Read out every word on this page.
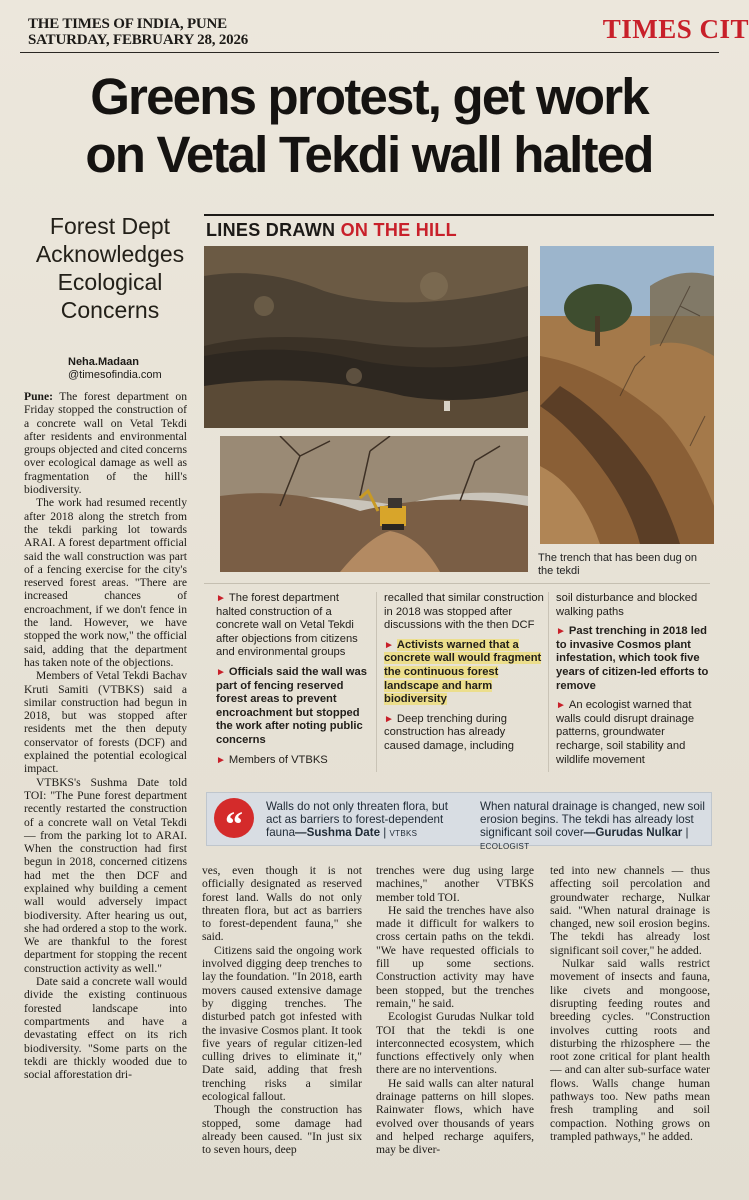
THE TIMES OF INDIA, PUNE
SATURDAY, FEBRUARY 28, 2026	TIMES CIT
Greens protest, get work
on Vetal Tekdi wall halted
Forest Dept
Acknowledges
Ecological
Concerns
Neha.Madaan
@timesofindia.com

Pune: The forest department on Friday stopped the construction of a concrete wall on Vetal Tekdi after residents and environmental groups objected and cited concerns over ecological damage as well as fragmentation of the hill's biodiversity.

The work had resumed recently after 2018 along the stretch from the tekdi parking lot towards ARAI. A forest department official said the wall construction was part of a fencing exercise for the city's reserved forest areas. "There are increased chances of encroachment, if we don't fence in the land. However, we have stopped the work now," the official said, adding that the department has taken note of the objections.

Members of Vetal Tekdi Bachav Kruti Samiti (VTBKS) said a similar construction had begun in 2018, but was stopped after residents met the then deputy conservator of forests (DCF) and explained the potential ecological impact.

VTBKS's Sushma Date told TOI: "The Pune forest department recently restarted the construction of a concrete wall on Vetal Tekdi — from the parking lot to ARAI. When the construction had first begun in 2018, concerned citizens had met the then DCF and explained why building a cement wall would adversely impact biodiversity. After hearing us out, she had ordered a stop to the work. We are thankful to the forest department for stopping the recent construction activity as well."

Date said a concrete wall would divide the existing continuous forested landscape into compartments and have a devastating effect on its rich biodiversity. "Some parts on the tekdi are thickly wooded due to social afforestation dri-

ves, even though it is not officially designated as reserved forest land. Walls do not only threaten flora, but act as barriers to forest-dependent fauna," she said.

Citizens said the ongoing work involved digging deep trenches to lay the foundation. "In 2018, earth movers caused extensive damage by digging trenches. The disturbed patch got infested with the invasive Cosmos plant. It took five years of regular citizen-led culling drives to eliminate it," Date said, adding that fresh trenching risks a similar ecological fallout.

Though the construction has stopped, some damage had already been caused. "In just six to seven hours, deep

trenches were dug using large machines," another VTBKS member told TOI.

He said the trenches have also made it difficult for walkers to cross certain paths on the tekdi. "We have requested officials to fill up some sections. Construction activity may have been stopped, but the trenches remain," he said.

Ecologist Gurudas Nulkar told TOI that the tekdi is one interconnected ecosystem, which functions effectively only when there are no interventions.

He said walls can alter natural drainage patterns on hill slopes. Rainwater flows, which have evolved over thousands of years and helped recharge aquifers, may be diver-

ted into new channels — thus affecting soil percolation and groundwater recharge, Nulkar said. "When natural drainage is changed, new soil erosion begins. The tekdi has already lost significant soil cover," he added.

Nulkar said walls restrict movement of insects and fauna, like civets and mongoose, disrupting feeding routes and breeding cycles. "Construction involves cutting roots and disturbing the rhizosphere — the root zone critical for plant health — and can alter sub-surface water flows. Walls change human pathways too. New paths mean fresh trampling and soil compaction. Nothing grows on trampled pathways," he added.

LINES DRAWN ON THE HILL
The trench that has been dug on the tekdi
► The forest department halted construction of a concrete wall on Vetal Tekdi after objections from citizens and environmental groups
► Officials said the wall was part of fencing reserved forest areas to prevent encroachment but stopped the work after noting public concerns
► Members of VTBKS
recalled that similar construction in 2018 was stopped after discussions with the then DCF
► Activists warned that a concrete wall would fragment the continuous forest landscape and harm biodiversity
► Deep trenching during construction has already caused damage, including
soil disturbance and blocked walking paths
► Past trenching in 2018 led to invasive Cosmos plant infestation, which took five years of citizen-led efforts to remove
► An ecologist warned that walls could disrupt drainage patterns, groundwater recharge, soil stability and wildlife movement
“	Walls do not only threaten flora, but act as barriers to forest-dependent fauna—Sushma Date | VTBKS
When natural drainage is changed, new soil erosion begins. The tekdi has already lost significant soil cover—Gurudas Nulkar | ECOLOGIST
